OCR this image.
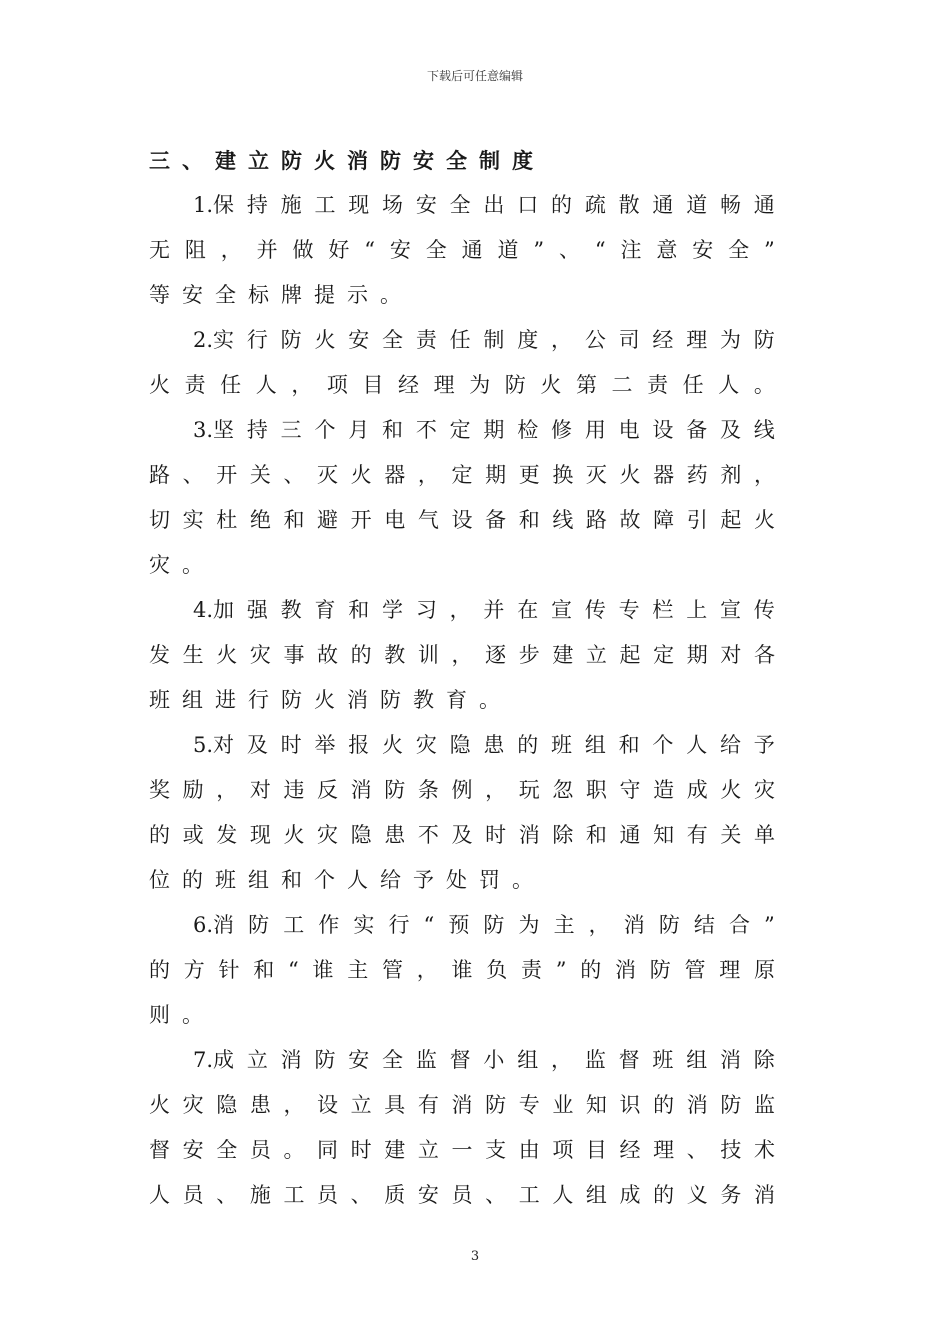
下载后可任意编辑
三、建立防火消防安全制度
1.保 持 施 工 现 场 安 全 出 口 的 疏 散 通 道 畅 通
无 阻 ， 并 做 好 “ 安 全 通 道 ” 、 “ 注 意 安 全 ”
等 安 全 标 牌 提 示 。
2.实 行 防 火 安 全 责 任 制 度 ， 公 司 经 理 为 防
火 责 任 人 ， 项 目 经 理 为 防 火 第 二 责 任 人 。
3.坚 持 三 个 月 和 不 定 期 检 修 用 电 设 备 及 线
路 、 开 关 、 灭 火 器 ， 定 期 更 换 灭 火 器 药 剂 ，
切 实 杜 绝 和 避 开 电 气 设 备 和 线 路 故 障 引 起 火
灾 。
4.加 强 教 育 和 学 习 ， 并 在 宣 传 专 栏 上 宣 传
发 生 火 灾 事 故 的 教 训 ， 逐 步 建 立 起 定 期 对 各
班 组 进 行 防 火 消 防 教 育 。
5.对 及 时 举 报 火 灾 隐 患 的 班 组 和 个 人 给 予
奖 励 ， 对 违 反 消 防 条 例 ， 玩 忽 职 守 造 成 火 灾
的 或 发 现 火 灾 隐 患 不 及 时 消 除 和 通 知 有 关 单
位 的 班 组 和 个 人 给 予 处 罚 。
6.消 防 工 作 实 行 “ 预 防 为 主 ， 消 防 结 合 ”
的 方 针 和 “ 谁 主 管 ， 谁 负 责 ” 的 消 防 管 理 原
则 。
7.成 立 消 防 安 全 监 督 小 组 ， 监 督 班 组 消 除
火 灾 隐 患 ， 设 立 具 有 消 防 专 业 知 识 的 消 防 监
督 安 全 员 。 同 时 建 立 一 支 由 项 目 经 理 、 技 术
人 员 、 施 工 员 、 质 安 员 、 工 人 组 成 的 义 务 消
3
